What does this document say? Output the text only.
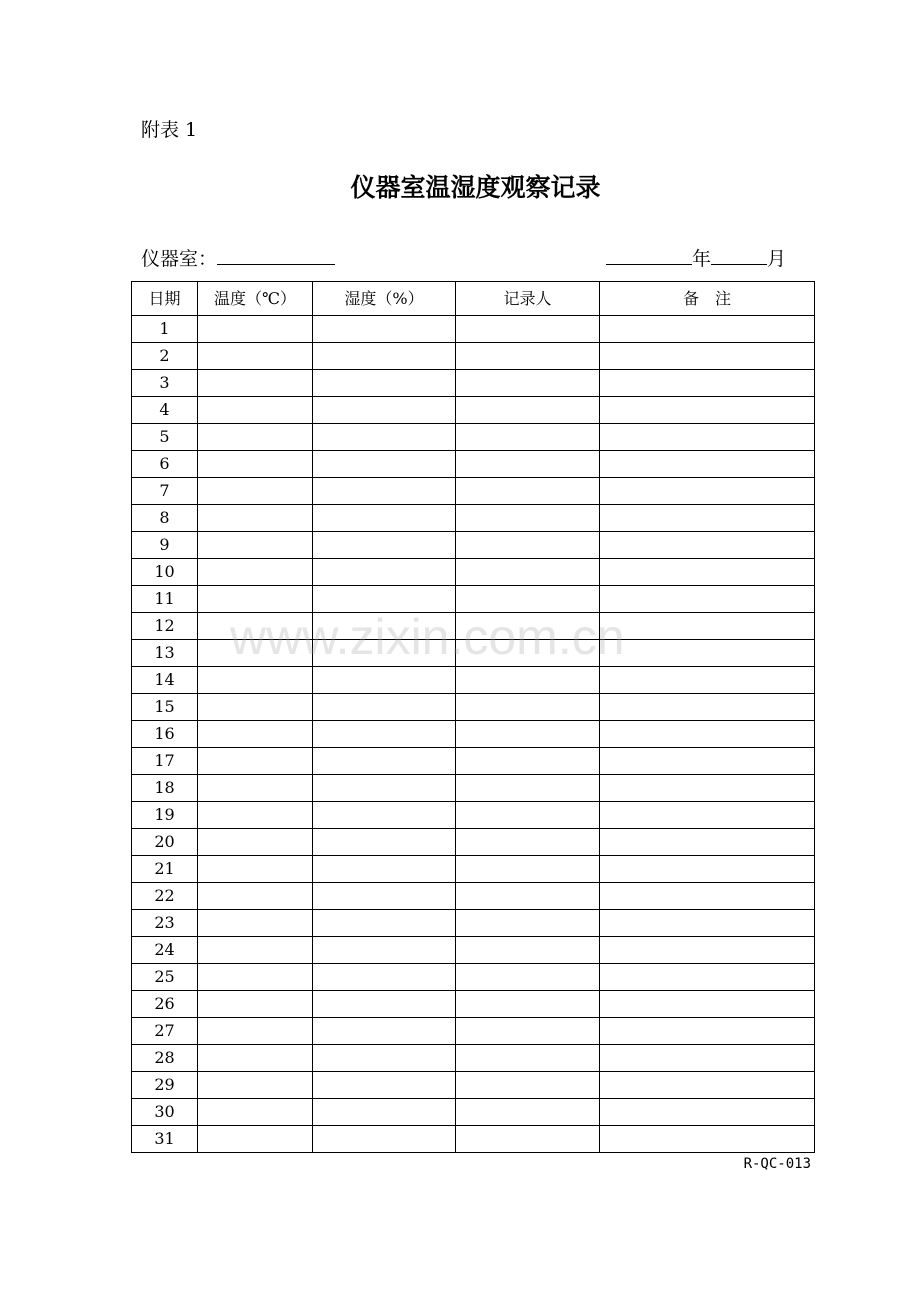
附表 1
仪器室温湿度观察记录
仪器室：	年	月
日期	温度（℃）	湿度（%）	记录人	备　注
1				
2				
3				
4				
5				
6				
7				
8				
9				
10				
11				
12				
13				
14				
15				
16				
17				
18				
19				
20				
21				
22				
23				
24				
25				
26				
27				
28				
29				
30				
31				
R-QC-013
www.zixin.com.cn
